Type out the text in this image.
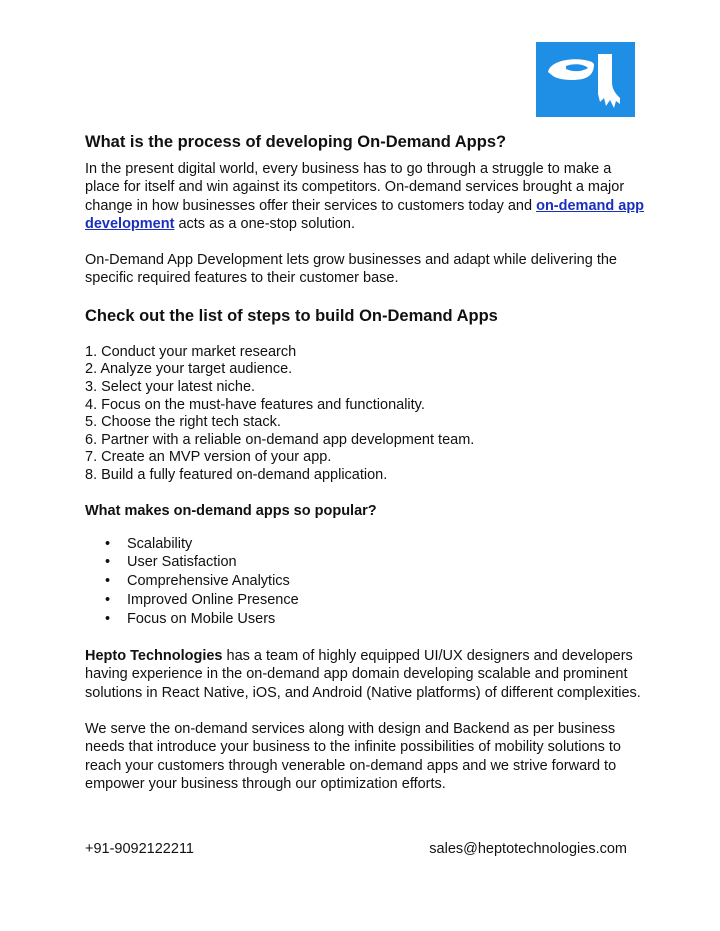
What is the process of developing On-Demand Apps?

In the present digital world, every business has to go through a struggle to make a place for itself and win against its competitors. On-demand services brought a major change in how businesses offer their services to customers today and on-demand app development acts as a one-stop solution.

On-Demand App Development lets grow businesses and adapt while delivering the specific required features to their customer base.

Check out the list of steps to build On-Demand Apps
1. Conduct your market research
2. Analyze your target audience.
3. Select your latest niche.
4. Focus on the must-have features and functionality.
5. Choose the right tech stack.
6. Partner with a reliable on-demand app development team.
7. Create an MVP version of your app.
8. Build a fully featured on-demand application.
What makes on-demand apps so popular?
• Scalability
• User Satisfaction
• Comprehensive Analytics
• Improved Online Presence
• Focus on Mobile Users

Hepto Technologies has a team of highly equipped UI/UX designers and developers having experience in the on-demand app domain developing scalable and prominent solutions in React Native, iOS, and Android (Native platforms) of different complexities.

We serve the on-demand services along with design and Backend as per business needs that introduce your business to the infinite possibilities of mobility solutions to reach your customers through venerable on-demand apps and we strive forward to empower your business through our optimization efforts.

+91-9092122211	sales@heptotechnologies.com
